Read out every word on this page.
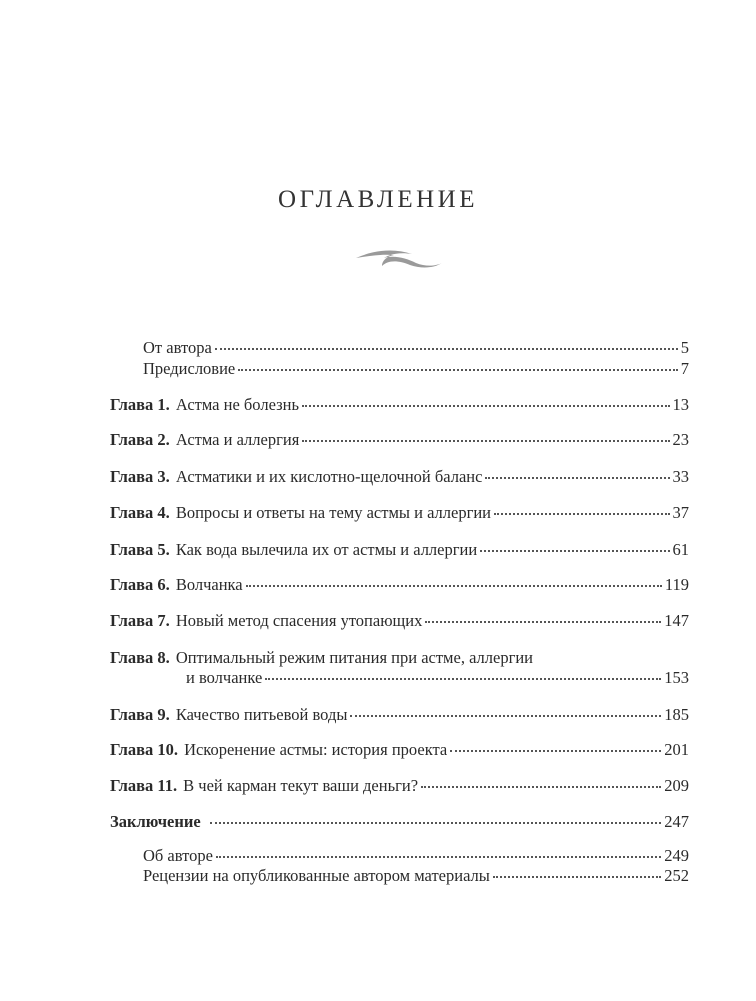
ОГЛАВЛЕНИЕ
От автора	5
Предисловие	7
Глава 1. Астма не болезнь	13
Глава 2. Астма и аллергия	23
Глава 3. Астматики и их кислотно-щелочной баланс	33
Глава 4. Вопросы и ответы на тему астмы и аллергии	37
Глава 5. Как вода вылечила их от астмы и аллергии	61
Глава 6. Волчанка	119
Глава 7. Новый метод спасения утопающих	147
Глава 8. Оптимальный режим питания при астме, аллергии
и волчанке	153
Глава 9. Качество питьевой воды	185
Глава 10. Искоренение астмы: история проекта	201
Глава 11. В чей карман текут ваши деньги?	209
Заключение	247
Об авторе	249
Рецензии на опубликованные автором материалы	252
